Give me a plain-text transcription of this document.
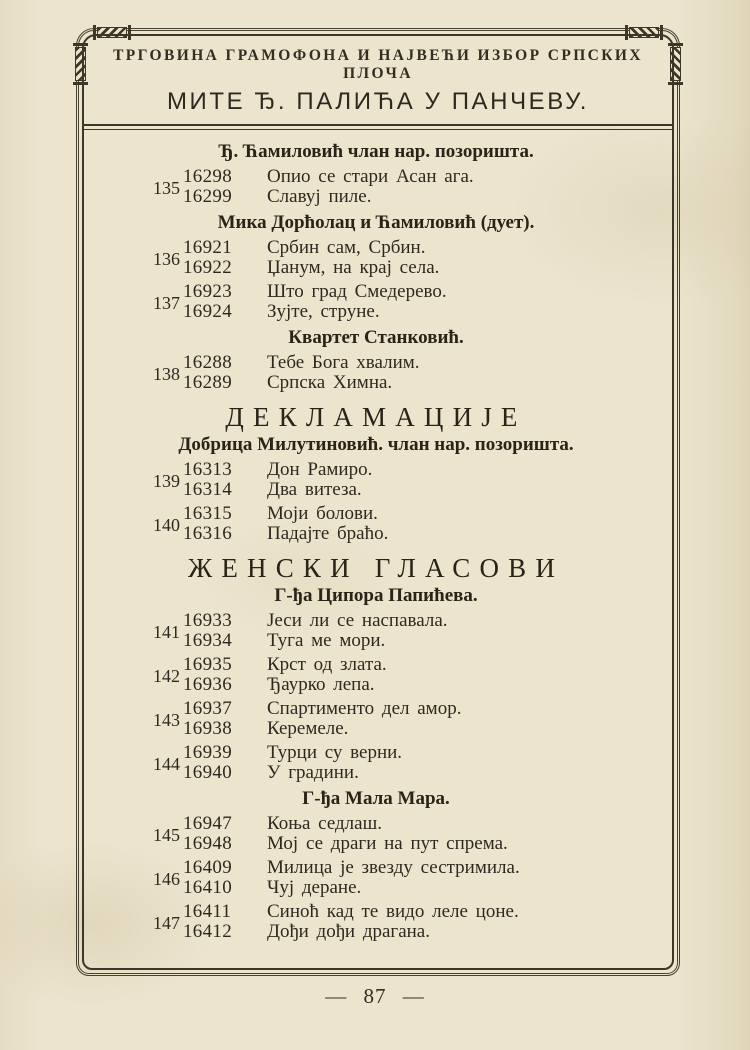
ТРГОВИНА ГРАМОФОНА И НАЈВЕЋИ ИЗБОР СРПСКИХ ПЛОЧА
МИТЕ Ђ. ПАЛИЋА У ПАНЧЕВУ.
Ђ. Ћамиловић члан нар. позоришта.
135
16298	Опио се стари Асан ага.
16299	Славуј пиле.
Мика Дорћолац и Ћамиловић (дует).
136
16921	Србин сам, Србин.
16922	Џанум, на крај села.
137
16923	Што град Смедерево.
16924	Зујте, струне.
Квартет Станковић.
138
16288	Тебе Бога хвалим.
16289	Српска Химна.
ДЕКЛАМАЦИЈЕ
Добрица Милутиновић. члан нар. позоришта.
139
16313	Дон Рамиро.
16314	Два витеза.
140
16315	Моји болови.
16316	Падајте браћо.
ЖЕНСКИ ГЛАСОВИ
Г-ђа Ципора Папићева.
141
16933	Јеси ли се наспавала.
16934	Туга ме мори.
142
16935	Крст од злата.
16936	Ђаурко лепа.
143
16937	Спартименто дел амор.
16938	Керемеле.
144
16939	Турци су верни.
16940	У градини.
Г-ђа Мала Мара.
145
16947	Коња седлаш.
16948	Мој се драги на пут спрема.
146
16409	Милица је звезду сестримила.
16410	Чуј деране.
147
16411	Синоћ кад те видо леле цоне.
16412	Дођи дођи драгана.
— 87 —
